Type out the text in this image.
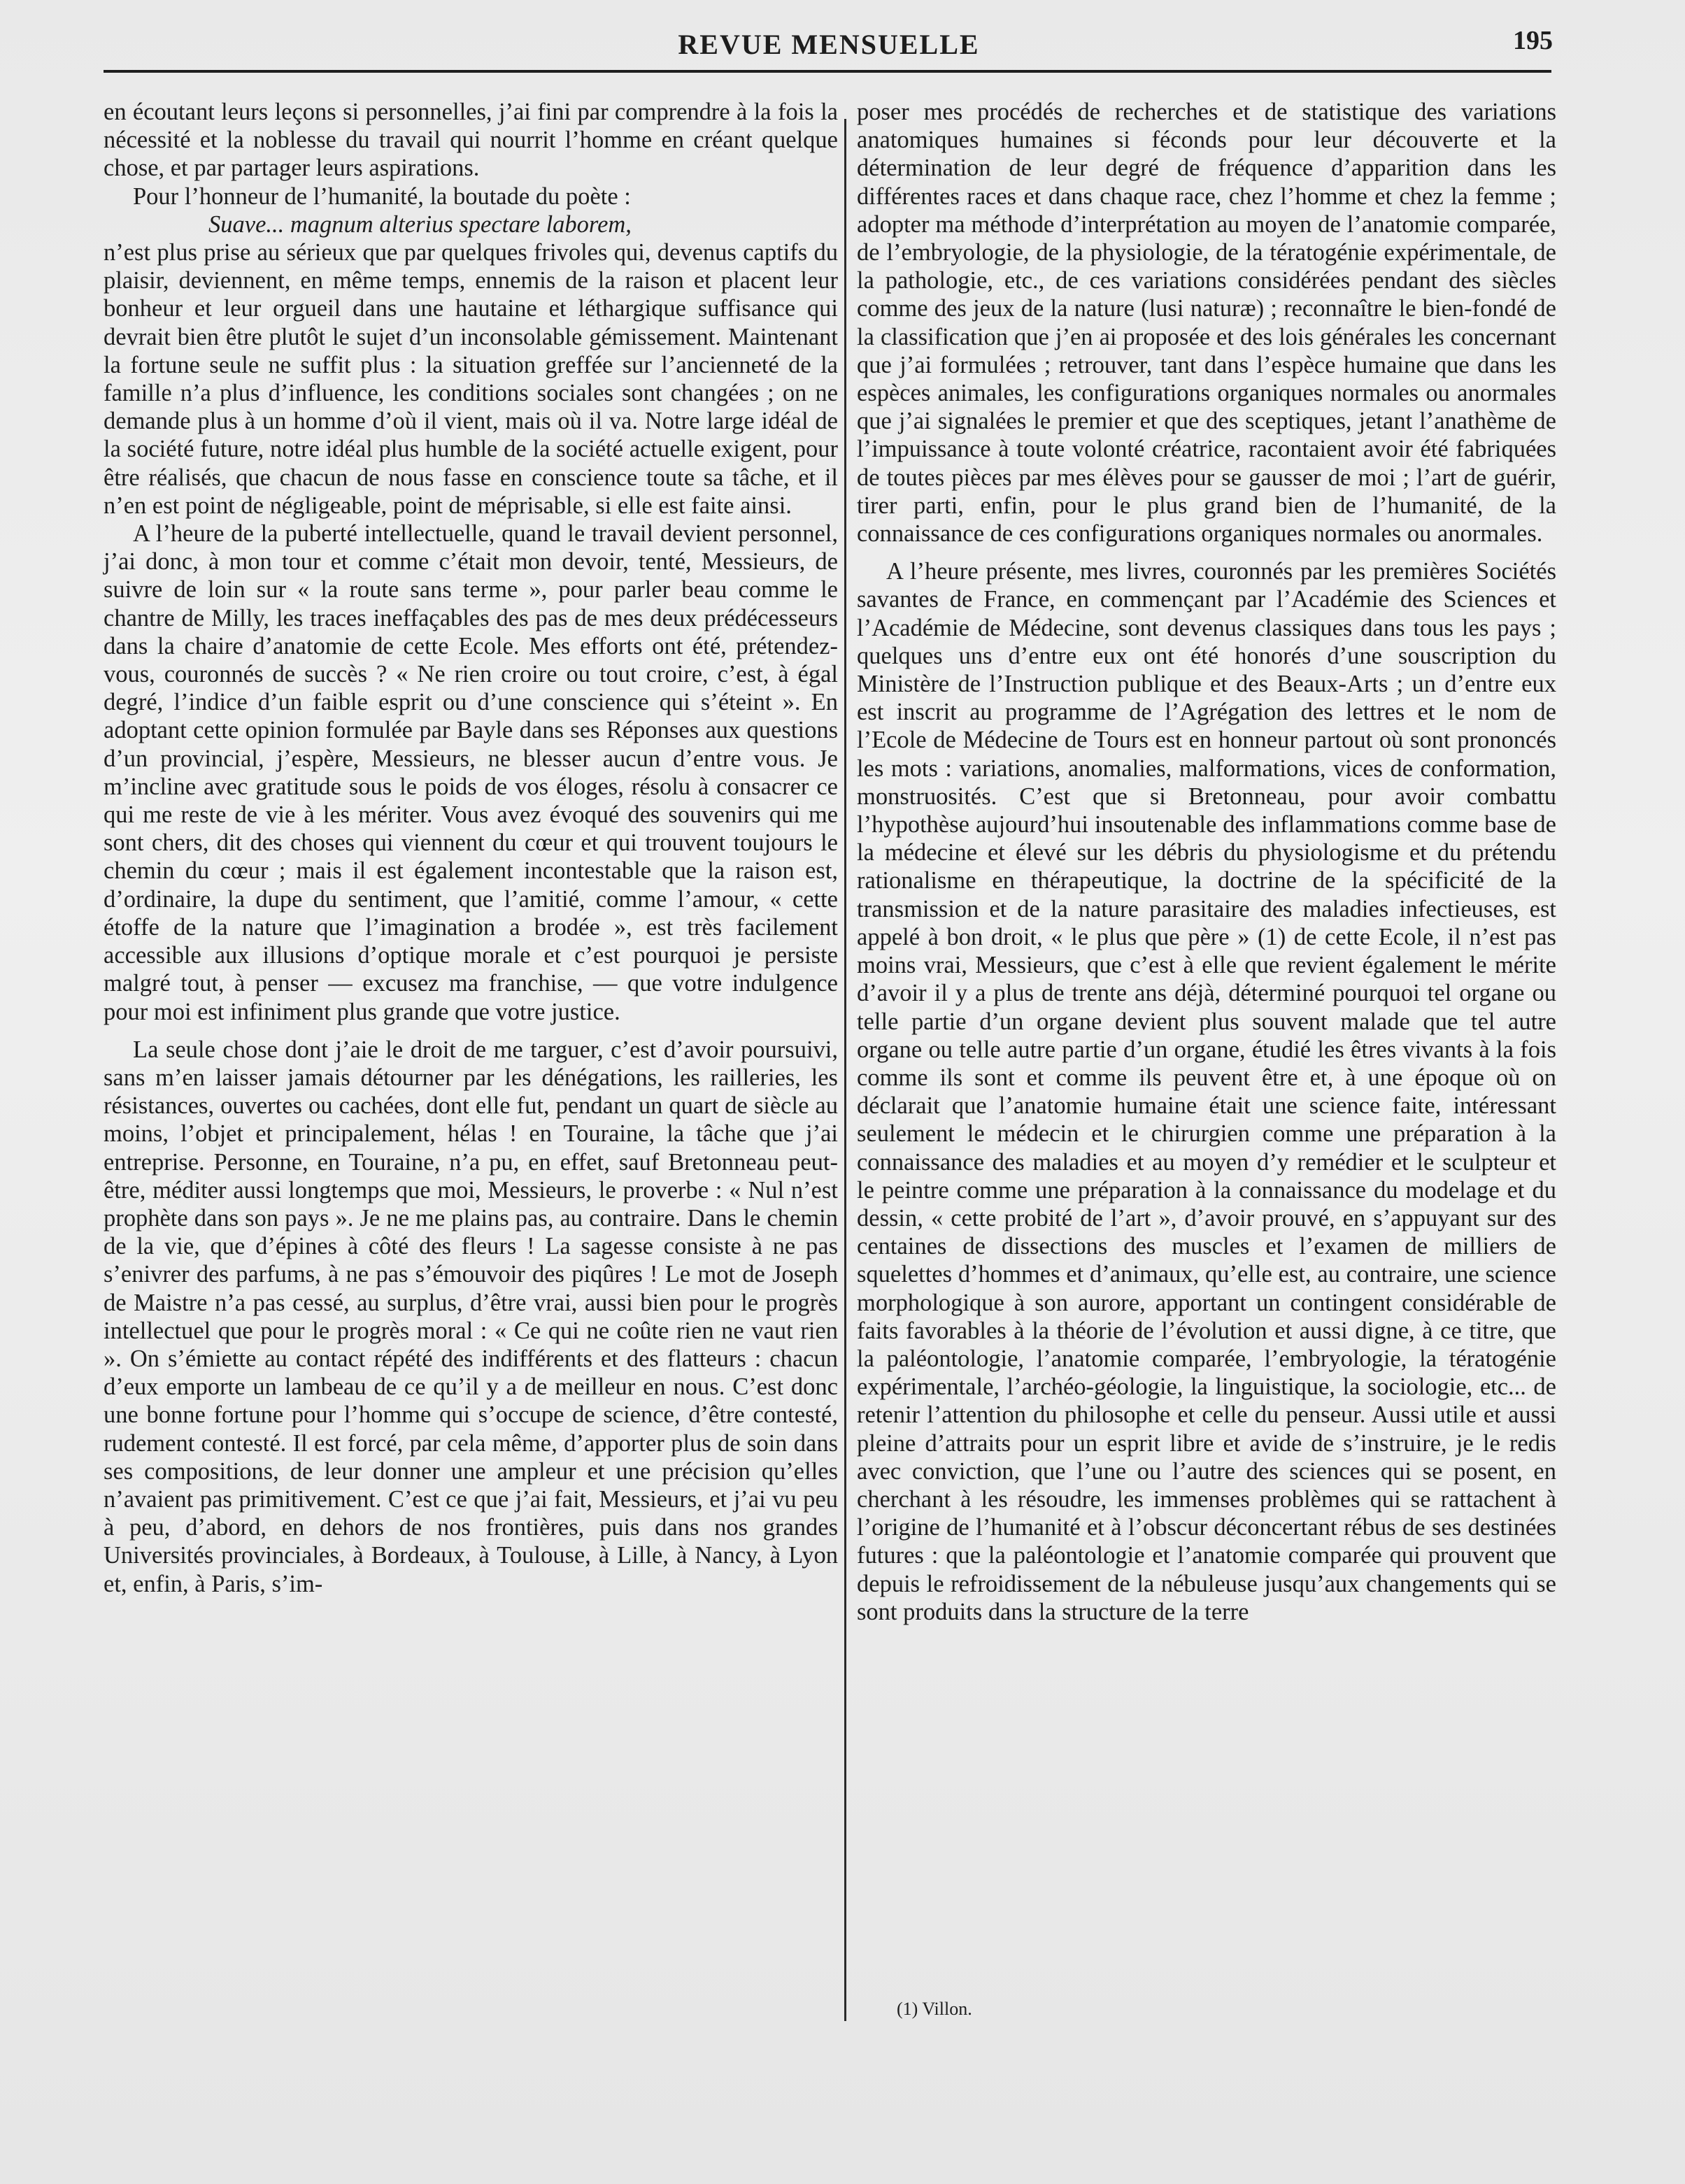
REVUE MENSUELLE	195

en écoutant leurs leçons si personnelles, j’ai fini par comprendre à la fois la nécessité et la noblesse du travail qui nourrit l’homme en créant quelque chose, et par partager leurs aspirations.

Pour l’honneur de l’humanité, la boutade du poète :

Suave... magnum alterius spectare laborem,

n’est plus prise au sérieux que par quelques frivoles qui, devenus captifs du plaisir, deviennent, en même temps, ennemis de la raison et placent leur bonheur et leur orgueil dans une hautaine et léthargique suffisance qui devrait bien être plutôt le sujet d’un inconsolable gémissement. Maintenant la fortune seule ne suffit plus : la situation greffée sur l’ancienneté de la famille n’a plus d’influence, les conditions sociales sont changées ; on ne demande plus à un homme d’où il vient, mais où il va. Notre large idéal de la société future, notre idéal plus humble de la société actuelle exigent, pour être réalisés, que chacun de nous fasse en conscience toute sa tâche, et il n’en est point de négligeable, point de méprisable, si elle est faite ainsi.

A l’heure de la puberté intellectuelle, quand le travail devient personnel, j’ai donc, à mon tour et comme c’était mon devoir, tenté, Messieurs, de suivre de loin sur « la route sans terme », pour parler beau comme le chantre de Milly, les traces ineffaçables des pas de mes deux prédécesseurs dans la chaire d’anatomie de cette Ecole. Mes efforts ont été, prétendez-vous, couronnés de succès ? « Ne rien croire ou tout croire, c’est, à égal degré, l’indice d’un faible esprit ou d’une conscience qui s’éteint ». En adoptant cette opinion formulée par Bayle dans ses Réponses aux questions d’un provincial, j’espère, Messieurs, ne blesser aucun d’entre vous. Je m’incline avec gratitude sous le poids de vos éloges, résolu à consacrer ce qui me reste de vie à les mériter. Vous avez évoqué des souvenirs qui me sont chers, dit des choses qui viennent du cœur et qui trouvent toujours le chemin du cœur ; mais il est également incontestable que la raison est, d’ordinaire, la dupe du sentiment, que l’amitié, comme l’amour, « cette étoffe de la nature que l’imagination a brodée », est très facilement accessible aux illusions d’optique morale et c’est pourquoi je persiste malgré tout, à penser — excusez ma franchise, — que votre indulgence pour moi est infiniment plus grande que votre justice.

La seule chose dont j’aie le droit de me targuer, c’est d’avoir poursuivi, sans m’en laisser jamais détourner par les dénégations, les railleries, les résistances, ouvertes ou cachées, dont elle fut, pendant un quart de siècle au moins, l’objet et principalement, hélas ! en Touraine, la tâche que j’ai entreprise. Personne, en Touraine, n’a pu, en effet, sauf Bretonneau peut-être, méditer aussi longtemps que moi, Messieurs, le proverbe : « Nul n’est prophète dans son pays ». Je ne me plains pas, au contraire. Dans le chemin de la vie, que d’épines à côté des fleurs ! La sagesse consiste à ne pas s’enivrer des parfums, à ne pas s’émouvoir des piqûres ! Le mot de Joseph de Maistre n’a pas cessé, au surplus, d’être vrai, aussi bien pour le progrès intellectuel que pour le progrès moral : « Ce qui ne coûte rien ne vaut rien ». On s’émiette au contact répété des indifférents et des flatteurs : chacun d’eux emporte un lambeau de ce qu’il y a de meilleur en nous. C’est donc une bonne fortune pour l’homme qui s’occupe de science, d’être contesté, rudement contesté. Il est forcé, par cela même, d’apporter plus de soin dans ses compositions, de leur donner une ampleur et une précision qu’elles n’avaient pas primitivement. C’est ce que j’ai fait, Messieurs, et j’ai vu peu à peu, d’abord, en dehors de nos frontières, puis dans nos grandes Universités provinciales, à Bordeaux, à Toulouse, à Lille, à Nancy, à Lyon et, enfin, à Paris, s’im-

poser mes procédés de recherches et de statistique des variations anatomiques humaines si féconds pour leur découverte et la détermination de leur degré de fréquence d’apparition dans les différentes races et dans chaque race, chez l’homme et chez la femme ; adopter ma méthode d’interprétation au moyen de l’anatomie comparée, de l’embryologie, de la physiologie, de la tératogénie expérimentale, de la pathologie, etc., de ces variations considérées pendant des siècles comme des jeux de la nature (lusi naturæ) ; reconnaître le bien-fondé de la classification que j’en ai proposée et des lois générales les concernant que j’ai formulées ; retrouver, tant dans l’espèce humaine que dans les espèces animales, les configurations organiques normales ou anormales que j’ai signalées le premier et que des sceptiques, jetant l’anathème de l’impuissance à toute volonté créatrice, racontaient avoir été fabriquées de toutes pièces par mes élèves pour se gausser de moi ; l’art de guérir, tirer parti, enfin, pour le plus grand bien de l’humanité, de la connaissance de ces configurations organiques normales ou anormales.

A l’heure présente, mes livres, couronnés par les premières Sociétés savantes de France, en commençant par l’Académie des Sciences et l’Académie de Médecine, sont devenus classiques dans tous les pays ; quelques uns d’entre eux ont été honorés d’une souscription du Ministère de l’Instruction publique et des Beaux-Arts ; un d’entre eux est inscrit au programme de l’Agrégation des lettres et le nom de l’Ecole de Médecine de Tours est en honneur partout où sont prononcés les mots : variations, anomalies, malformations, vices de conformation, monstruosités. C’est que si Bretonneau, pour avoir combattu l’hypothèse aujourd’hui insoutenable des inflammations comme base de la médecine et élevé sur les débris du physiologisme et du prétendu rationalisme en thérapeutique, la doctrine de la spécificité de la transmission et de la nature parasitaire des maladies infectieuses, est appelé à bon droit, « le plus que père » (1) de cette Ecole, il n’est pas moins vrai, Messieurs, que c’est à elle que revient également le mérite d’avoir il y a plus de trente ans déjà, déterminé pourquoi tel organe ou telle partie d’un organe devient plus souvent malade que tel autre organe ou telle autre partie d’un organe, étudié les êtres vivants à la fois comme ils sont et comme ils peuvent être et, à une époque où on déclarait que l’anatomie humaine était une science faite, intéressant seulement le médecin et le chirurgien comme une préparation à la connaissance des maladies et au moyen d’y remédier et le sculpteur et le peintre comme une préparation à la connaissance du modelage et du dessin, « cette probité de l’art », d’avoir prouvé, en s’appuyant sur des centaines de dissections des muscles et l’examen de milliers de squelettes d’hommes et d’animaux, qu’elle est, au contraire, une science morphologique à son aurore, apportant un contingent considérable de faits favorables à la théorie de l’évolution et aussi digne, à ce titre, que la paléontologie, l’anatomie comparée, l’embryologie, la tératogénie expérimentale, l’archéo-géologie, la linguistique, la sociologie, etc... de retenir l’attention du philosophe et celle du penseur. Aussi utile et aussi pleine d’attraits pour un esprit libre et avide de s’instruire, je le redis avec conviction, que l’une ou l’autre des sciences qui se posent, en cherchant à les résoudre, les immenses problèmes qui se rattachent à l’origine de l’humanité et à l’obscur déconcertant rébus de ses destinées futures : que la paléontologie et l’anatomie comparée qui prouvent que depuis le refroidissement de la nébuleuse jusqu’aux changements qui se sont produits dans la structure de la terre

(1) Villon.
